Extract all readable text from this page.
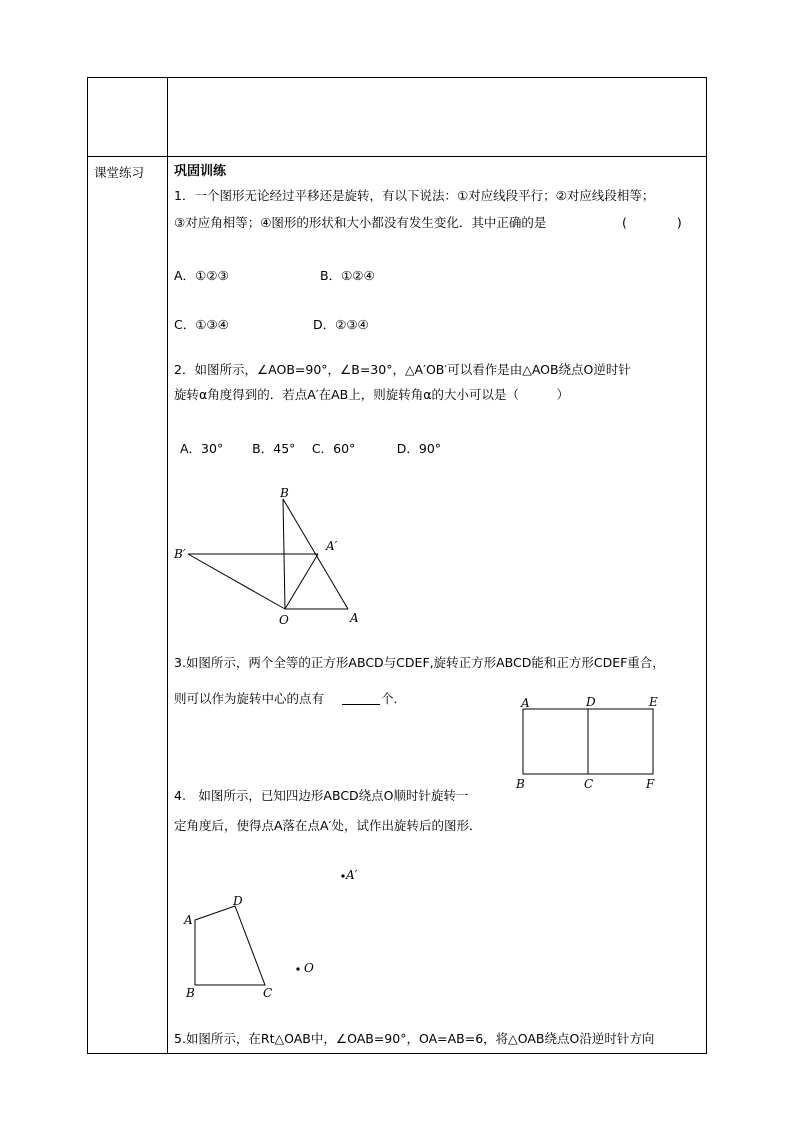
课堂练习 巩固训练
1．一个图形无论经过平移还是旋转，有以下说法：①对应线段平行；②对应线段相等；
③对应角相等；④图形的形状和大小都没有发生变化．其中正确的是	(　　　　)
A．①②③	B．①②④
C．①③④	D．②③④
2．如图所示，∠AOB=90°，∠B=30°，△A′OB′可以看作是由△AOB绕点O逆时针
旋转α角度得到的．若点A′在AB上，则旋转角α的大小可以是（　　　）
A．30°　　 B．45°　 C．60°　　　 D．90°
B
B′
A′
O	A
3.如图所示，两个全等的正方形ABCD与CDEF,旋转正方形ABCD能和正方形CDEF重合，
则可以作为旋转中心的点有	个．	A	D	E
B	C	F
4.　如图所示，已知四边形ABCD绕点O顺时针旋转一
定角度后，使得点A落在点A′处，试作出旋转后的图形．
A′
D
A
O
B	C
5.如图所示，在Rt△OAB中，∠OAB=90°，OA=AB=6，将△OAB绕点O沿逆时针方向
